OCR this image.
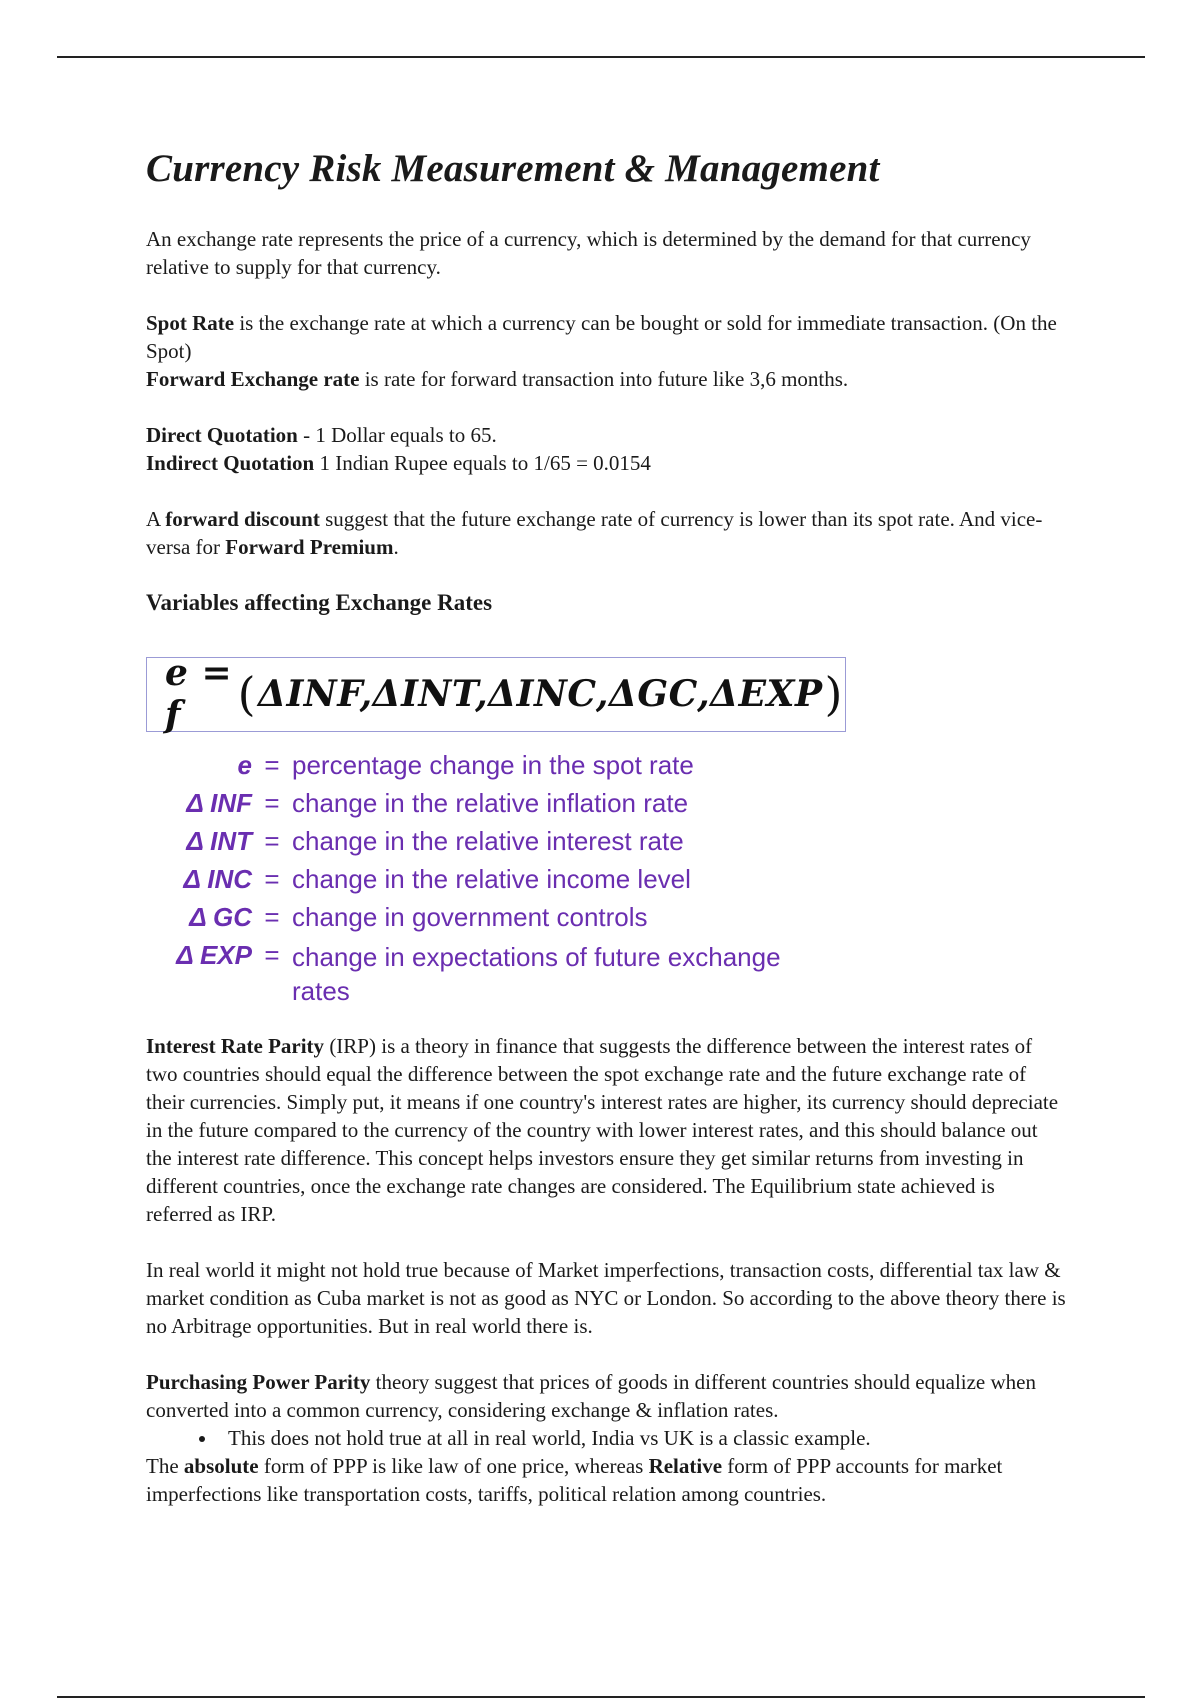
Currency Risk Measurement & Management

An exchange rate represents the price of a currency, which is determined by the demand for that currency relative to supply for that currency.

Spot Rate is the exchange rate at which a currency can be bought or sold for immediate transaction. (On the Spot)

Forward Exchange rate is rate for forward transaction into future like 3,6 months.

Direct Quotation - 1 Dollar equals to 65.

Indirect Quotation 1 Indian Rupee equals to 1/65 = 0.0154

A forward discount suggest that the future exchange rate of currency is lower than its spot rate. And vice-versa for Forward Premium.

Variables affecting Exchange Rates
e = f	( ΔINF,ΔINT,ΔINC,ΔGC,ΔEXP )
e = percentage change in the spot rate
Δ INF = change in the relative inflation rate
Δ INT = change in the relative interest rate
Δ INC = change in the relative income level
Δ GC = change in government controls
Δ EXP = change in expectations of future exchange rates

Interest Rate Parity (IRP) is a theory in finance that suggests the difference between the interest rates of two countries should equal the difference between the spot exchange rate and the future exchange rate of their currencies. Simply put, it means if one country's interest rates are higher, its currency should depreciate in the future compared to the currency of the country with lower interest rates, and this should balance out the interest rate difference. This concept helps investors ensure they get similar returns from investing in different countries, once the exchange rate changes are considered. The Equilibrium state achieved is referred as IRP.

In real world it might not hold true because of Market imperfections, transaction costs, differential tax law & market condition as Cuba market is not as good as NYC or London. So according to the above theory there is no Arbitrage opportunities. But in real world there is.

Purchasing Power Parity theory suggest that prices of goods in different countries should equalize when converted into a common currency, considering exchange & inflation rates.

• This does not hold true at all in real world, India vs UK is a classic example.

The absolute form of PPP is like law of one price, whereas Relative form of PPP accounts for market imperfections like transportation costs, tariffs, political relation among countries.
